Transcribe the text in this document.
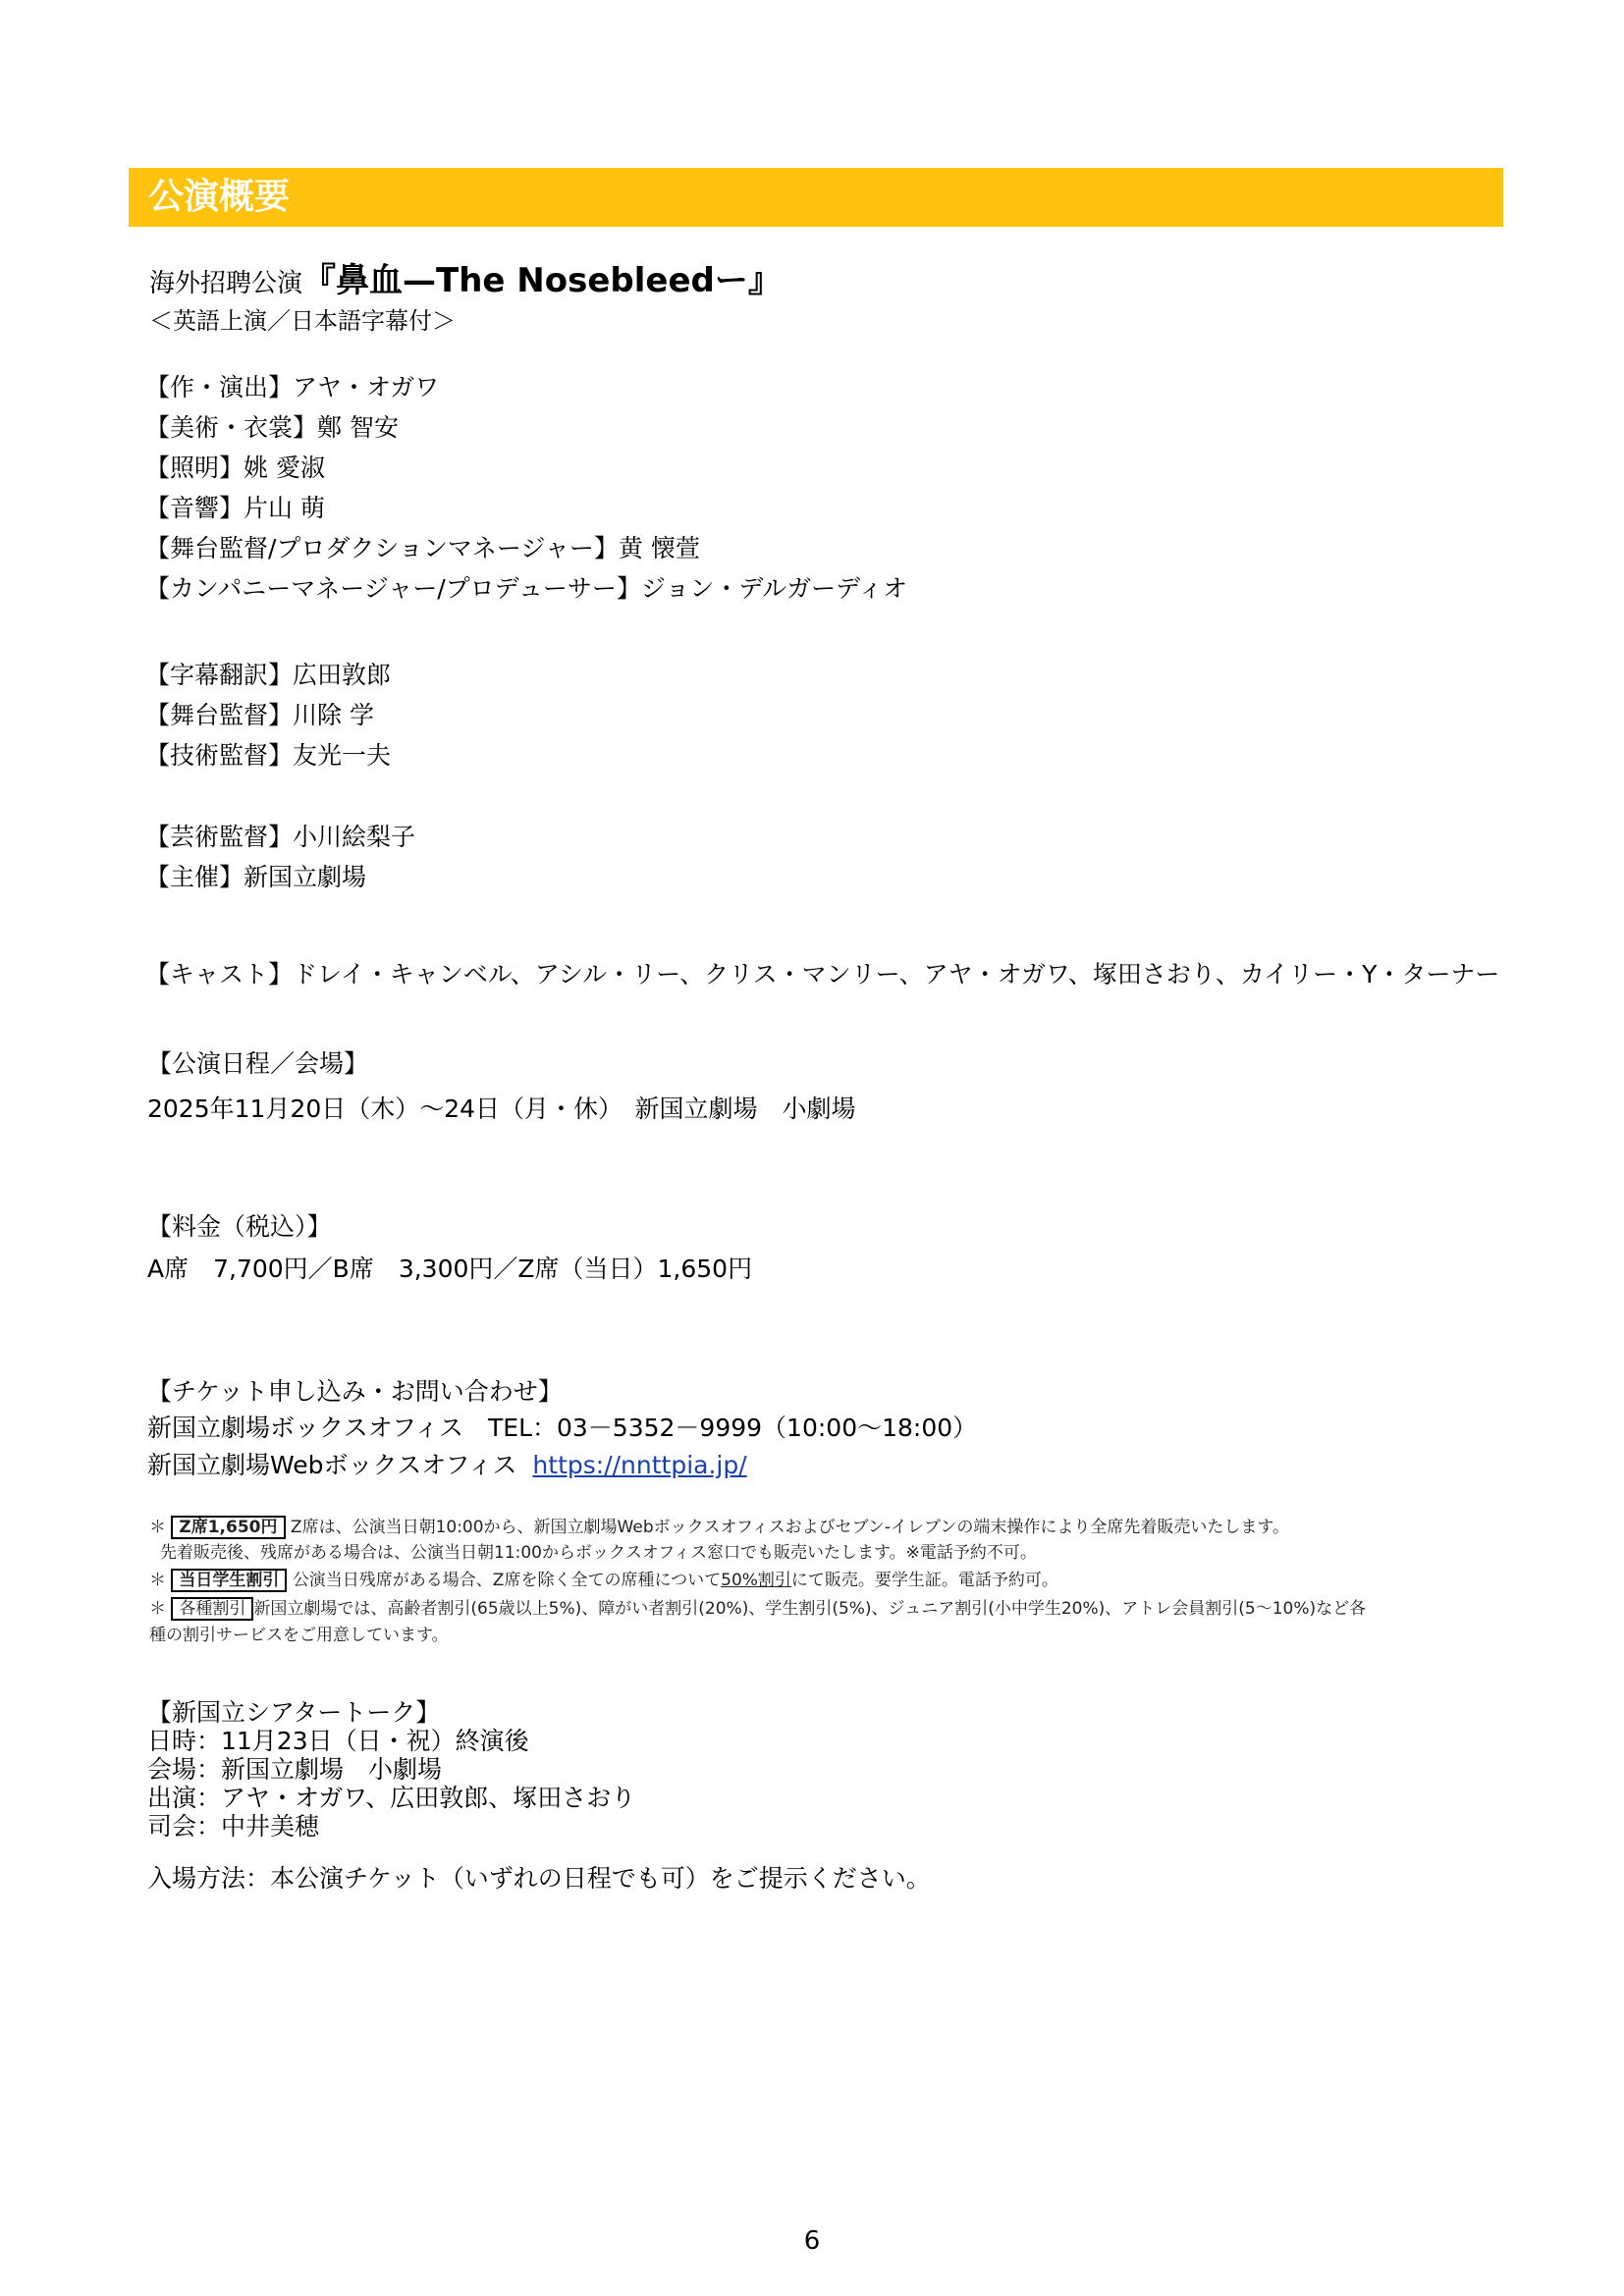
公演概要
海外招聘公演『鼻血—The Nosebleedー』
＜英語上演／日本語字幕付＞
【作・演出】アヤ・オガワ
【美術・衣裳】鄭 智安
【照明】姚 愛淑
【音響】片山 萌
【舞台監督/プロダクションマネージャー】黄 懐萱
【カンパニーマネージャー/プロデューサー】ジョン・デルガーディオ
【字幕翻訳】広田敦郎
【舞台監督】川除 学
【技術監督】友光一夫
【芸術監督】小川絵梨子
【主催】新国立劇場
【キャスト】ドレイ・キャンベル、アシル・リー、クリス・マンリー、アヤ・オガワ、塚田さおり、カイリー・Y・ターナー
【公演日程／会場】
2025年11月20日（木）～24日（月・休）　新国立劇場　小劇場
【料金（税込）】
A席　7,700円／B席　3,300円／Z席（当日）1,650円
【チケット申し込み・お問い合わせ】
新国立劇場ボックスオフィス　TEL：03－5352－9999（10:00～18:00）
新国立劇場Webボックスオフィス https://nnttpia.jp/
＊ Z席1,650円 Z席は、公演当日朝10:00から、新国立劇場Webボックスオフィスおよびセブン-イレブンの端末操作により全席先着販売いたします。
先着販売後、残席がある場合は、公演当日朝11:00からボックスオフィス窓口でも販売いたします。※電話予約不可。
＊ 当日学生割引 公演当日残席がある場合、Z席を除く全ての席種について50%割引にて販売。要学生証。電話予約可。
＊ 各種割引 新国立劇場では、高齢者割引(65歳以上5%)、障がい者割引(20%)、学生割引(5%)、ジュニア割引(小中学生20%)、アトレ会員割引(5～10%)など各
種の割引サービスをご用意しています。
【新国立シアタートーク】
日時：11月23日（日・祝）終演後
会場：新国立劇場　小劇場
出演：アヤ・オガワ、広田敦郎、塚田さおり
司会：中井美穂
入場方法：本公演チケット（いずれの日程でも可）をご提示ください。
6
